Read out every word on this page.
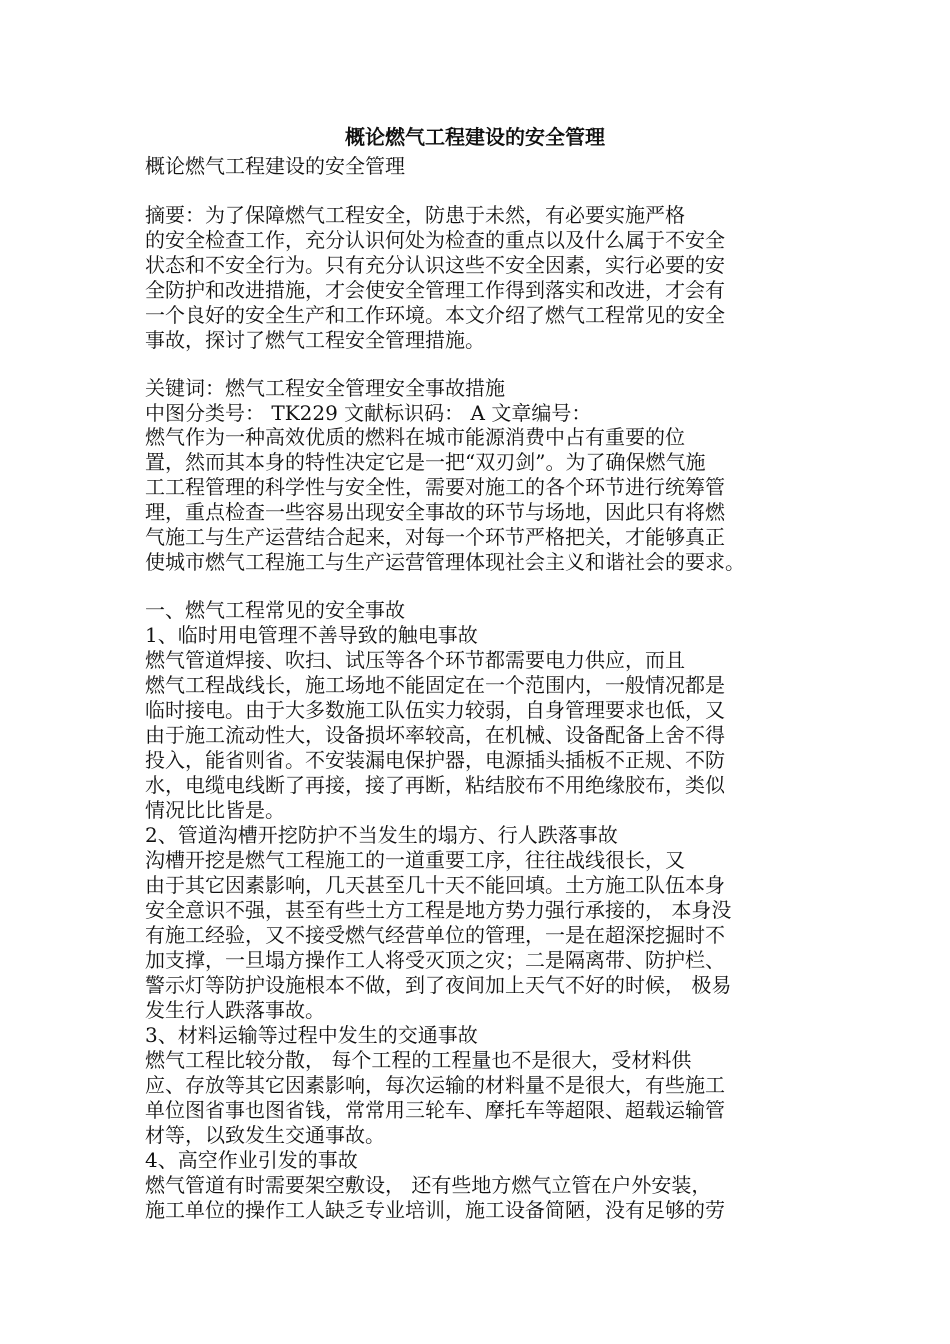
概论燃气工程建设的安全管理
概论燃气工程建设的安全管理
摘要：为了保障燃气工程安全，防患于未然，有必要实施严格
的安全检查工作，充分认识何处为检查的重点以及什么属于不安全
状态和不安全行为。只有充分认识这些不安全因素，实行必要的安
全防护和改进措施，才会使安全管理工作得到落实和改进，才会有
一个良好的安全生产和工作环境。本文介绍了燃气工程常见的安全
事故，探讨了燃气工程安全管理措施。
关键词：燃气工程安全管理安全事故措施
中图分类号： TK229 文献标识码： A 文章编号：
燃气作为一种高效优质的燃料在城市能源消费中占有重要的位
置，然而其本身的特性决定它是一把“双刃剑”。为了确保燃气施
工工程管理的科学性与安全性，需要对施工的各个环节进行统筹管
理，重点检查一些容易出现安全事故的环节与场地，因此只有将燃
气施工与生产运营结合起来，对每一个环节严格把关，才能够真正
使城市燃气工程施工与生产运营管理体现社会主义和谐社会的要求。
一、燃气工程常见的安全事故
1、临时用电管理不善导致的触电事故
燃气管道焊接、吹扫、试压等各个环节都需要电力供应，而且
燃气工程战线长，施工场地不能固定在一个范围内，一般情况都是
临时接电。由于大多数施工队伍实力较弱，自身管理要求也低，又
由于施工流动性大，设备损坏率较高，在机械、设备配备上舍不得
投入，能省则省。不安装漏电保护器，电源插头插板不正规、不防
水，电缆电线断了再接，接了再断，粘结胶布不用绝缘胶布，类似
情况比比皆是。
2、管道沟槽开挖防护不当发生的塌方、行人跌落事故
沟槽开挖是燃气工程施工的一道重要工序，往往战线很长，又
由于其它因素影响，几天甚至几十天不能回填。土方施工队伍本身
安全意识不强，甚至有些土方工程是地方势力强行承接的， 本身没
有施工经验，又不接受燃气经营单位的管理，一是在超深挖掘时不
加支撑，一旦塌方操作工人将受灭顶之灾；二是隔离带、防护栏、
警示灯等防护设施根本不做，到了夜间加上天气不好的时候， 极易
发生行人跌落事故。
3、材料运输等过程中发生的交通事故
燃气工程比较分散， 每个工程的工程量也不是很大，受材料供
应、存放等其它因素影响，每次运输的材料量不是很大，有些施工
单位图省事也图省钱，常常用三轮车、摩托车等超限、超载运输管
材等，以致发生交通事故。
4、高空作业引发的事故
燃气管道有时需要架空敷设， 还有些地方燃气立管在户外安装，
施工单位的操作工人缺乏专业培训，施工设备简陋，没有足够的劳
